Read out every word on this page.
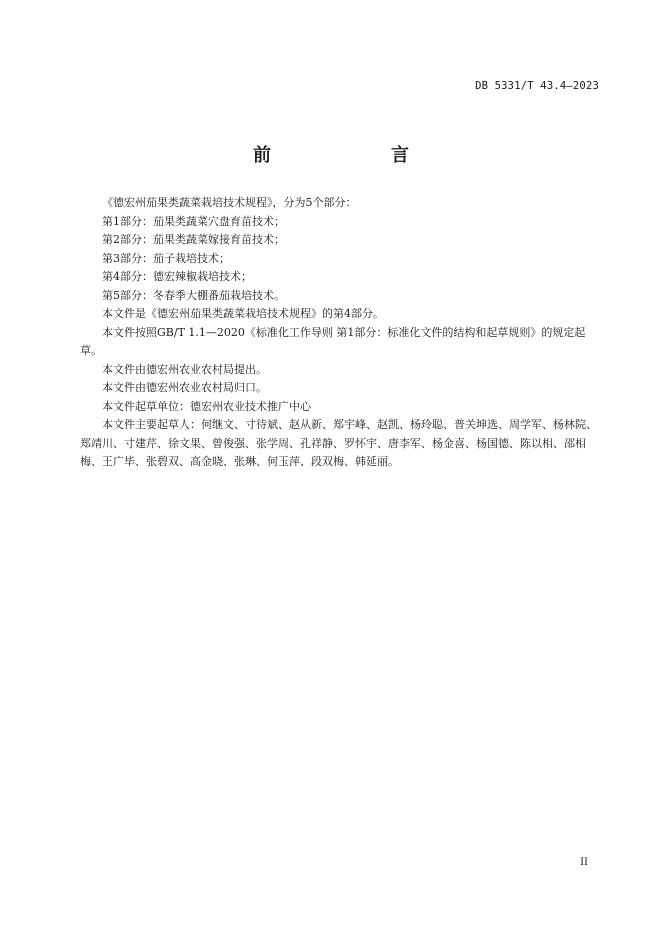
DB 5331/T 43.4—2023
前　　言

《德宏州茄果类蔬菜栽培技术规程》，分为5个部分：

第1部分：茄果类蔬菜穴盘育苗技术；

第2部分：茄果类蔬菜嫁接育苗技术；

第3部分：茄子栽培技术；

第4部分：德宏辣椒栽培技术；

第5部分：冬春季大棚番茄栽培技术。

本文件是《德宏州茄果类蔬菜栽培技术规程》的第4部分。

本文件按照GB/T 1.1—2020《标准化工作导则 第1部分：标准化文件的结构和起草规则》的规定起草。

本文件由德宏州农业农村局提出。

本文件由德宏州农业农村局归口。

本文件起草单位：德宏州农业技术推广中心

本文件主要起草人：何继文、寸待斌、赵从新、郑宇峰、赵凯、杨玲聪、普关坤选、周学军、杨林院、郑靖川、寸建芹、徐文果、曾俊强、张学周、孔祥静、罗怀宇、唐李军、杨金喜、杨国德、陈以相、邵相梅、王广毕、张碧双、高金晓、张琳、何玉萍、段双梅、韩延丽。

II
